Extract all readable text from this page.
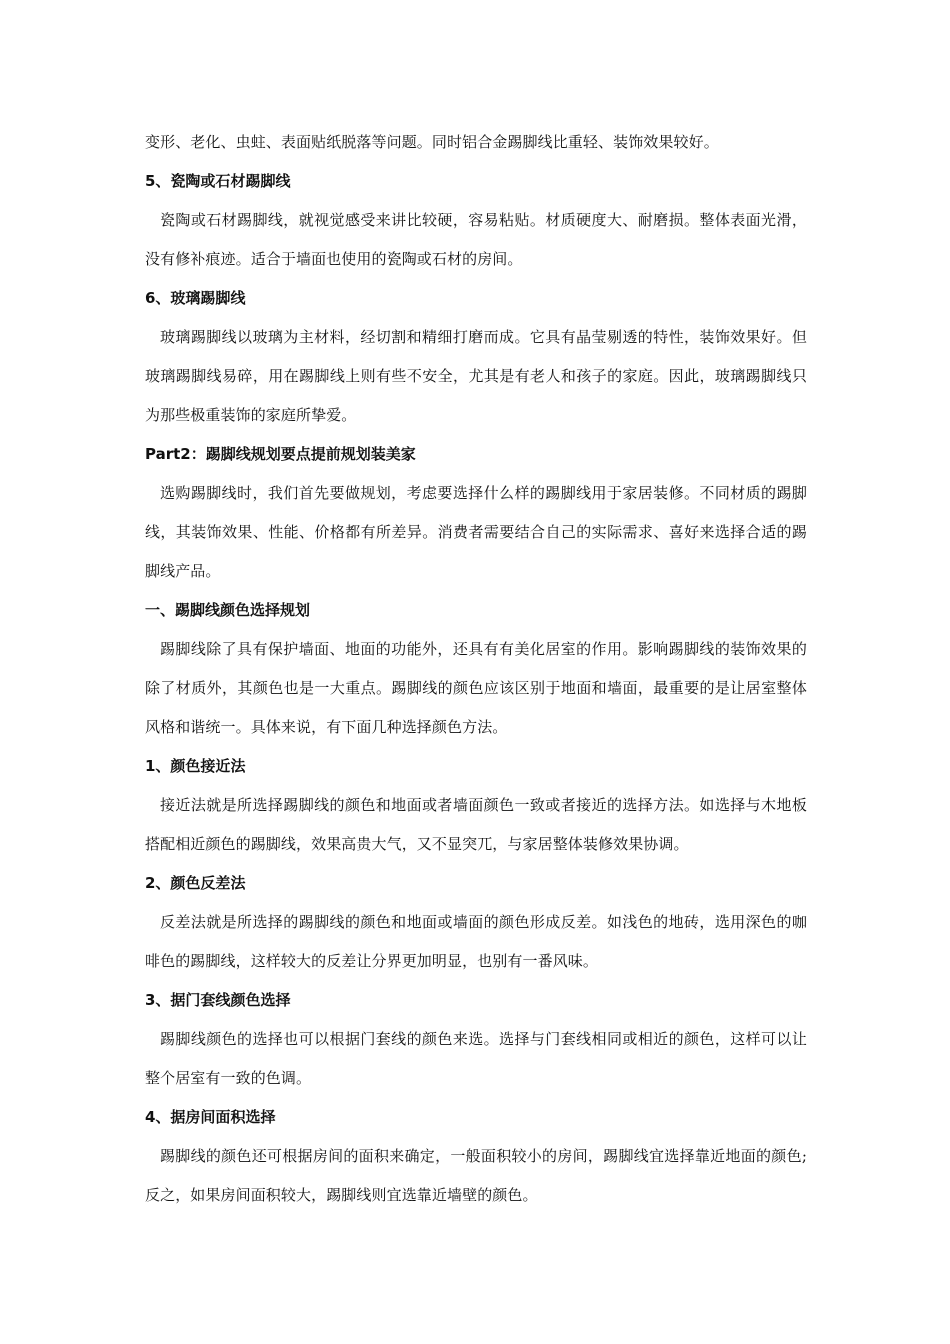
变形、老化、虫蛀、表面贴纸脱落等问题。同时铝合金踢脚线比重轻、装饰效果较好。

5、瓷陶或石材踢脚线

瓷陶或石材踢脚线，就视觉感受来讲比较硬，容易粘贴。材质硬度大、耐磨损。整体表面光滑，没有修补痕迹。适合于墙面也使用的瓷陶或石材的房间。

6、玻璃踢脚线

玻璃踢脚线以玻璃为主材料，经切割和精细打磨而成。它具有晶莹剔透的特性，装饰效果好。但玻璃踢脚线易碎，用在踢脚线上则有些不安全，尤其是有老人和孩子的家庭。因此，玻璃踢脚线只为那些极重装饰的家庭所挚爱。

Part2：踢脚线规划要点提前规划装美家

选购踢脚线时，我们首先要做规划，考虑要选择什么样的踢脚线用于家居装修。不同材质的踢脚线，其装饰效果、性能、价格都有所差异。消费者需要结合自己的实际需求、喜好来选择合适的踢脚线产品。

一、踢脚线颜色选择规划

踢脚线除了具有保护墙面、地面的功能外，还具有有美化居室的作用。影响踢脚线的装饰效果的除了材质外，其颜色也是一大重点。踢脚线的颜色应该区别于地面和墙面，最重要的是让居室整体风格和谐统一。具体来说，有下面几种选择颜色方法。

1、颜色接近法

接近法就是所选择踢脚线的颜色和地面或者墙面颜色一致或者接近的选择方法。如选择与木地板搭配相近颜色的踢脚线，效果高贵大气，又不显突兀，与家居整体装修效果协调。

2、颜色反差法

反差法就是所选择的踢脚线的颜色和地面或墙面的颜色形成反差。如浅色的地砖，选用深色的咖啡色的踢脚线，这样较大的反差让分界更加明显，也别有一番风味。

3、据门套线颜色选择

踢脚线颜色的选择也可以根据门套线的颜色来选。选择与门套线相同或相近的颜色，这样可以让整个居室有一致的色调。

4、据房间面积选择

踢脚线的颜色还可根据房间的面积来确定，一般面积较小的房间，踢脚线宜选择靠近地面的颜色;反之，如果房间面积较大，踢脚线则宜选靠近墙壁的颜色。
